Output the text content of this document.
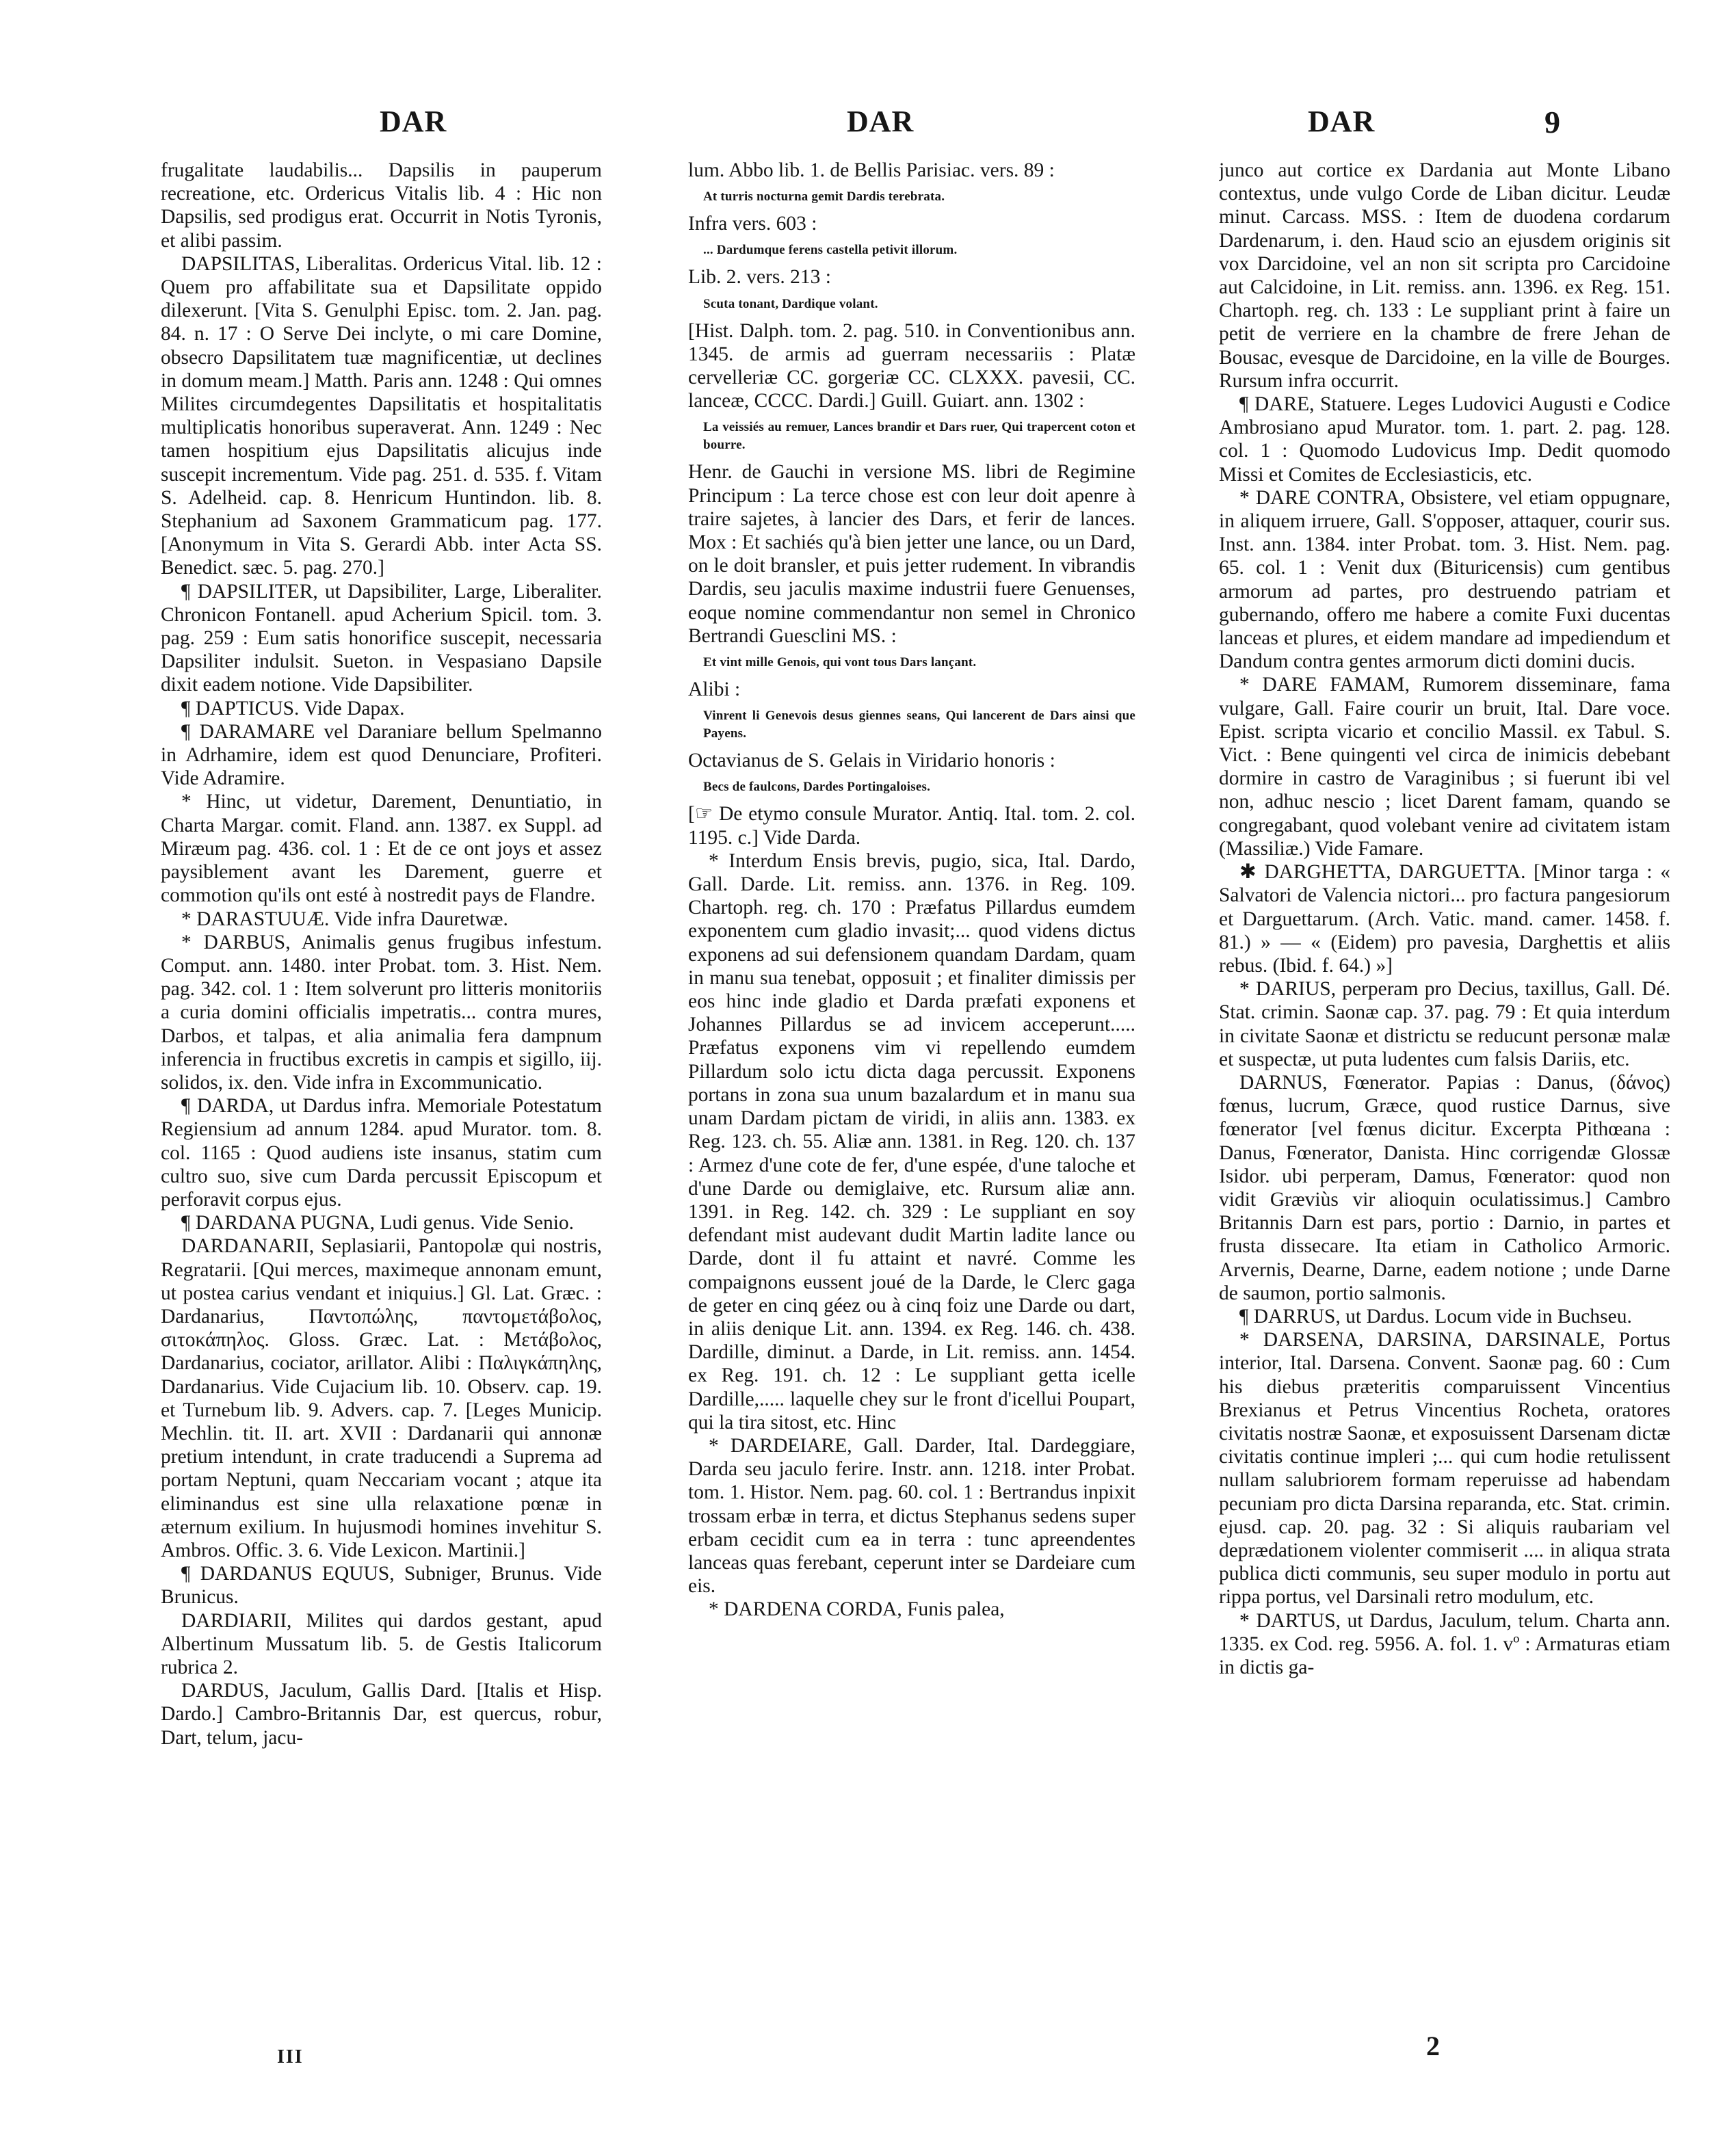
DAR	DAR	DAR	9

frugalitate laudabilis... Dapsilis in pauperum recreatione, etc. Ordericus Vitalis lib. 4 : Hic non Dapsilis, sed prodigus erat. Occurrit in Notis Tyronis, et alibi passim.

DAPSILITAS, Liberalitas. Ordericus Vital. lib. 12 : Quem pro affabilitate sua et Dapsilitate oppido dilexerunt. [Vita S. Genulphi Episc. tom. 2. Jan. pag. 84. n. 17 : O Serve Dei inclyte, o mi care Domine, obsecro Dapsilitatem tuæ magnificentiæ, ut declines in domum meam.] Matth. Paris ann. 1248 : Qui omnes Milites circumdegentes Dapsilitatis et hospitalitatis multiplicatis honoribus superaverat. Ann. 1249 : Nec tamen hospitium ejus Dapsilitatis alicujus inde suscepit incrementum. Vide pag. 251. d. 535. f. Vitam S. Adelheid. cap. 8. Henricum Huntindon. lib. 8. Stephanium ad Saxonem Grammaticum pag. 177. [Anonymum in Vita S. Gerardi Abb. inter Acta SS. Benedict. sæc. 5. pag. 270.]

¶ DAPSILITER, ut Dapsibiliter, Large, Liberaliter. Chronicon Fontanell. apud Acherium Spicil. tom. 3. pag. 259 : Eum satis honorifice suscepit, necessaria Dapsiliter indulsit. Sueton. in Vespasiano Dapsile dixit eadem notione. Vide Dapsibiliter.

¶ DAPTICUS. Vide Dapax.

¶ DARAMARE vel Daraniare bellum Spelmanno in Adrhamire, idem est quod Denunciare, Profiteri. Vide Adramire.

* Hinc, ut videtur, Darement, Denuntiatio, in Charta Margar. comit. Fland. ann. 1387. ex Suppl. ad Miræum pag. 436. col. 1 : Et de ce ont joys et assez paysiblement avant les Darement, guerre et commotion qu'ils ont esté à nostredit pays de Flandre.

* DARASTUUÆ. Vide infra Dauretwæ.

* DARBUS, Animalis genus frugibus infestum. Comput. ann. 1480. inter Probat. tom. 3. Hist. Nem. pag. 342. col. 1 : Item solverunt pro litteris monitoriis a curia domini officialis impetratis... contra mures, Darbos, et talpas, et alia animalia fera dampnum inferencia in fructibus excretis in campis et sigillo, iij. solidos, ix. den. Vide infra in Excommunicatio.

¶ DARDA, ut Dardus infra. Memoriale Potestatum Regiensium ad annum 1284. apud Murator. tom. 8. col. 1165 : Quod audiens iste insanus, statim cum cultro suo, sive cum Darda percussit Episcopum et perforavit corpus ejus.

¶ DARDANA PUGNA, Ludi genus. Vide Senio.

DARDANARII, Seplasiarii, Pantopolæ qui nostris, Regratarii. [Qui merces, maximeque annonam emunt, ut postea carius vendant et iniquius.] Gl. Lat. Græc. : Dardanarius, Παντοπώλης, παντομετάβολος, σιτοκάπηλος. Gloss. Græc. Lat. : Μετάβολος, Dardanarius, cociator, arillator. Alibi : Παλιγκάπηλης, Dardanarius. Vide Cujacium lib. 10. Observ. cap. 19. et Turnebum lib. 9. Advers. cap. 7. [Leges Municip. Mechlin. tit. II. art. XVII : Dardanarii qui annonæ pretium intendunt, in crate traducendi a Suprema ad portam Neptuni, quam Neccariam vocant ; atque ita eliminandus est sine ulla relaxatione pœnæ in æternum exilium. In hujusmodi homines invehitur S. Ambros. Offic. 3. 6. Vide Lexicon. Martinii.]

¶ DARDANUS EQUUS, Subniger, Brunus. Vide Brunicus.

DARDIARII, Milites qui dardos gestant, apud Albertinum Mussatum lib. 5. de Gestis Italicorum rubrica 2.

DARDUS, Jaculum, Gallis Dard. [Italis et Hisp. Dardo.] Cambro-Britannis Dar, est quercus, robur, Dart, telum, jacu-

lum. Abbo lib. 1. de Bellis Parisiac. vers. 89 :

At turris nocturna gemit Dardis terebrata.

Infra vers. 603 :

... Dardumque ferens castella petivit illorum.

Lib. 2. vers. 213 :

Scuta tonant, Dardique volant.

[Hist. Dalph. tom. 2. pag. 510. in Conventionibus ann. 1345. de armis ad guerram necessariis : Platæ cervelleriæ CC. gorgeriæ CC. CLXXX. pavesii, CC. lanceæ, CCCC. Dardi.] Guill. Guiart. ann. 1302 :

La veissiés au remuer, Lances brandir et Dars ruer, Qui trapercent coton et bourre.

Henr. de Gauchi in versione MS. libri de Regimine Principum : La terce chose est con leur doit apenre à traire sajetes, à lancier des Dars, et ferir de lances. Mox : Et sachiés qu'à bien jetter une lance, ou un Dard, on le doit bransler, et puis jetter rudement. In vibrandis Dardis, seu jaculis maxime industrii fuere Genuenses, eoque nomine commendantur non semel in Chronico Bertrandi Guesclini MS. :

Et vint mille Genois, qui vont tous Dars lançant.

Alibi :

Vinrent li Genevois desus giennes seans, Qui lancerent de Dars ainsi que Payens.

Octavianus de S. Gelais in Viridario honoris :

Becs de faulcons, Dardes Portingaloises.

[☞ De etymo consule Murator. Antiq. Ital. tom. 2. col. 1195. c.] Vide Darda.

* Interdum Ensis brevis, pugio, sica, Ital. Dardo, Gall. Darde. Lit. remiss. ann. 1376. in Reg. 109. Chartoph. reg. ch. 170 : Præfatus Pillardus eumdem exponentem cum gladio invasit;... quod videns dictus exponens ad sui defensionem quandam Dardam, quam in manu sua tenebat, opposuit ; et finaliter dimissis per eos hinc inde gladio et Darda præfati exponens et Johannes Pillardus se ad invicem acceperunt..... Præfatus exponens vim vi repellendo eumdem Pillardum solo ictu dicta daga percussit. Exponens portans in zona sua unum bazalardum et in manu sua unam Dardam pictam de viridi, in aliis ann. 1383. ex Reg. 123. ch. 55. Aliæ ann. 1381. in Reg. 120. ch. 137 : Armez d'une cote de fer, d'une espée, d'une taloche et d'une Darde ou demiglaive, etc. Rursum aliæ ann. 1391. in Reg. 142. ch. 329 : Le suppliant en soy defendant mist audevant dudit Martin ladite lance ou Darde, dont il fu attaint et navré. Comme les compaignons eussent joué de la Darde, le Clerc gaga de geter en cinq géez ou à cinq foiz une Darde ou dart, in aliis denique Lit. ann. 1394. ex Reg. 146. ch. 438. Dardille, diminut. a Darde, in Lit. remiss. ann. 1454. ex Reg. 191. ch. 12 : Le suppliant getta icelle Dardille,..... laquelle chey sur le front d'icellui Poupart, qui la tira sitost, etc. Hinc

* DARDEIARE, Gall. Darder, Ital. Dardeggiare, Darda seu jaculo ferire. Instr. ann. 1218. inter Probat. tom. 1. Histor. Nem. pag. 60. col. 1 : Bertrandus inpixit trossam erbæ in terra, et dictus Stephanus sedens super erbam cecidit cum ea in terra : tunc apreendentes lanceas quas ferebant, ceperunt inter se Dardeiare cum eis.

* DARDENA CORDA, Funis palea,

junco aut cortice ex Dardania aut Monte Libano contextus, unde vulgo Corde de Liban dicitur. Leudæ minut. Carcass. MSS. : Item de duodena cordarum Dardenarum, i. den. Haud scio an ejusdem originis sit vox Darcidoine, vel an non sit scripta pro Carcidoine aut Calcidoine, in Lit. remiss. ann. 1396. ex Reg. 151. Chartoph. reg. ch. 133 : Le suppliant print à faire un petit de verriere en la chambre de frere Jehan de Bousac, evesque de Darcidoine, en la ville de Bourges. Rursum infra occurrit.

¶ DARE, Statuere. Leges Ludovici Augusti e Codice Ambrosiano apud Murator. tom. 1. part. 2. pag. 128. col. 1 : Quomodo Ludovicus Imp. Dedit quomodo Missi et Comites de Ecclesiasticis, etc.

* DARE CONTRA, Obsistere, vel etiam oppugnare, in aliquem irruere, Gall. S'opposer, attaquer, courir sus. Inst. ann. 1384. inter Probat. tom. 3. Hist. Nem. pag. 65. col. 1 : Venit dux (Bituricensis) cum gentibus armorum ad partes, pro destruendo patriam et gubernando, offero me habere a comite Fuxi ducentas lanceas et plures, et eidem mandare ad impediendum et Dandum contra gentes armorum dicti domini ducis.

* DARE FAMAM, Rumorem disseminare, fama vulgare, Gall. Faire courir un bruit, Ital. Dare voce. Epist. scripta vicario et concilio Massil. ex Tabul. S. Vict. : Bene quingenti vel circa de inimicis debebant dormire in castro de Varaginibus ; si fuerunt ibi vel non, adhuc nescio ; licet Darent famam, quando se congregabant, quod volebant venire ad civitatem istam (Massiliæ.) Vide Famare.

✱ DARGHETTA, DARGUETTA. [Minor targa : « Salvatori de Valencia nictori... pro factura pangesiorum et Darguettarum. (Arch. Vatic. mand. camer. 1458. f. 81.) » — « (Eidem) pro pavesia, Darghettis et aliis rebus. (Ibid. f. 64.) »]

* DARIUS, perperam pro Decius, taxillus, Gall. Dé. Stat. crimin. Saonæ cap. 37. pag. 79 : Et quia interdum in civitate Saonæ et districtu se reducunt personæ malæ et suspectæ, ut puta ludentes cum falsis Dariis, etc.

DARNUS, Fœnerator. Papias : Danus, (δάνος) fœnus, lucrum, Græce, quod rustice Darnus, sive fœnerator [vel fœnus dicitur. Excerpta Pithœana : Danus, Fœnerator, Danista. Hinc corrigendæ Glossæ Isidor. ubi perperam, Damus, Fœnerator: quod non vidit Græviùs vir alioquin oculatissimus.] Cambro Britannis Darn est pars, portio : Darnio, in partes et frusta dissecare. Ita etiam in Catholico Armoric. Arvernis, Dearne, Darne, eadem notione ; unde Darne de saumon, portio salmonis.

¶ DARRUS, ut Dardus. Locum vide in Buchseu.

* DARSENA, DARSINA, DARSINALE, Portus interior, Ital. Darsena. Convent. Saonæ pag. 60 : Cum his diebus præteritis comparuissent Vincentius Brexianus et Petrus Vincentius Rocheta, oratores civitatis nostræ Saonæ, et exposuissent Darsenam dictæ civitatis continue impleri ;... qui cum hodie retulissent nullam salubriorem formam reperuisse ad habendam pecuniam pro dicta Darsina reparanda, etc. Stat. crimin. ejusd. cap. 20. pag. 32 : Si aliquis raubariam vel deprædationem violenter commiserit .... in aliqua strata publica dicti communis, seu super modulo in portu aut rippa portus, vel Darsinali retro modulum, etc.

* DARTUS, ut Dardus, Jaculum, telum. Charta ann. 1335. ex Cod. reg. 5956. A. fol. 1. vº : Armaturas etiam in dictis ga-

III	2
